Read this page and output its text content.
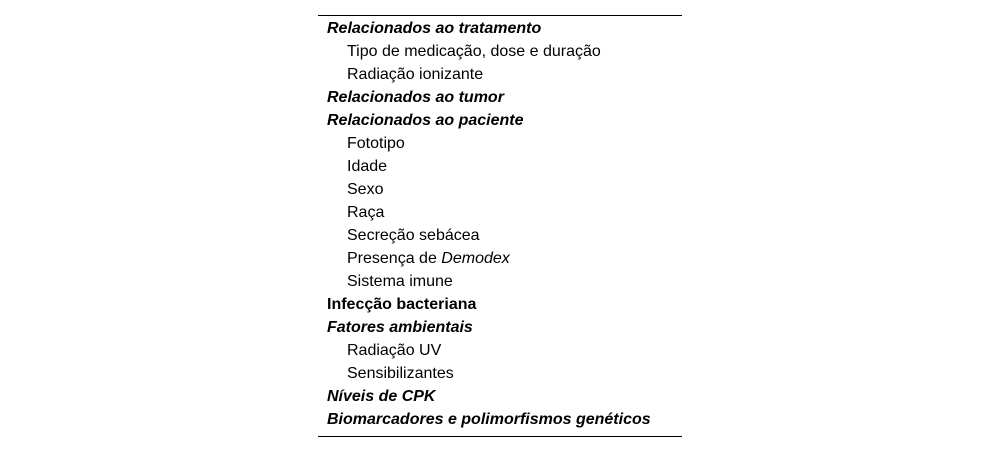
Relacionados ao tratamento
Tipo de medicação, dose e duração
Radiação ionizante
Relacionados ao tumor
Relacionados ao paciente
Fototipo
Idade
Sexo
Raça
Secreção sebácea
Presença de Demodex
Sistema imune
Infecção bacteriana
Fatores ambientais
Radiação UV
Sensibilizantes
Níveis de CPK
Biomarcadores e polimorfismos genéticos
